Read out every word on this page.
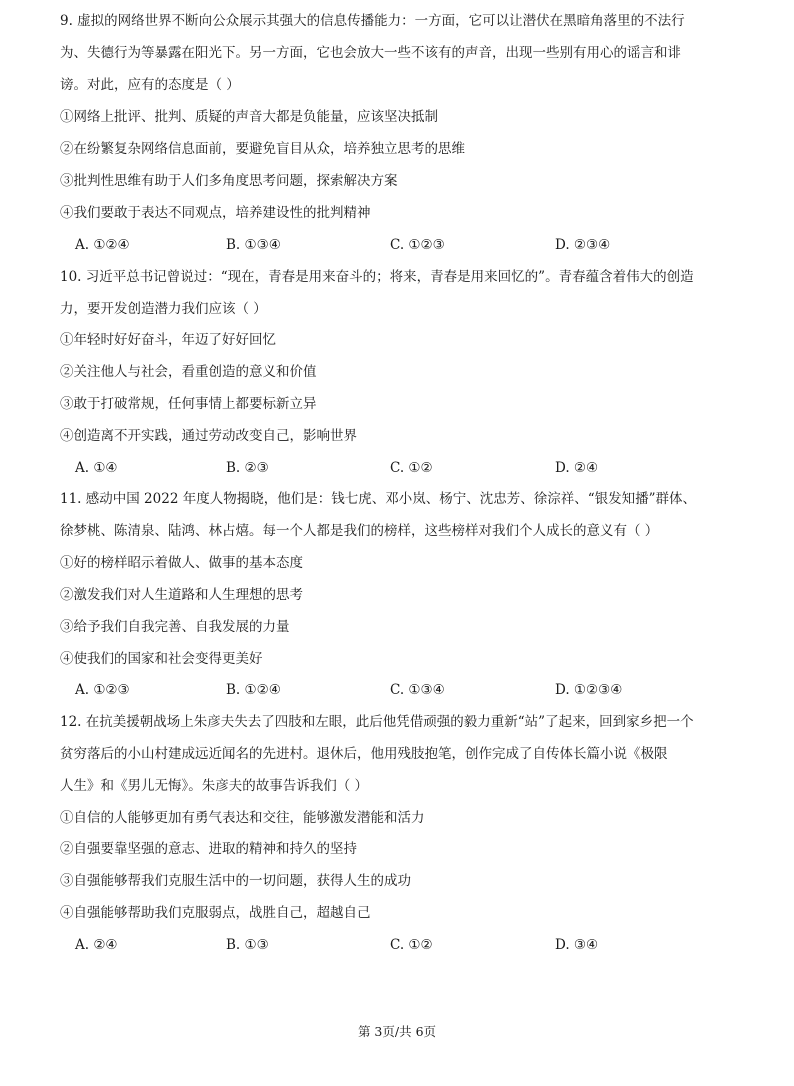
9. 虚拟的网络世界不断向公众展示其强大的信息传播能力：一方面，它可以让潜伏在黑暗角落里的不法行
为、失德行为等暴露在阳光下。另一方面，它也会放大一些不该有的声音，出现一些别有用心的谣言和诽
谤。对此，应有的态度是（ ）
①网络上批评、批判、质疑的声音大都是负能量，应该坚决抵制
②在纷繁复杂网络信息面前，要避免盲目从众，培养独立思考的思维
③批判性思维有助于人们多角度思考问题，探索解决方案
④我们要敢于表达不同观点，培养建设性的批判精神
A. ①②④	B. ①③④	C. ①②③	D. ②③④
10. 习近平总书记曾说过：“现在，青春是用来奋斗的；将来，青春是用来回忆的”。青春蕴含着伟大的创造
力，要开发创造潜力我们应该（ ）
①年轻时好好奋斗，年迈了好好回忆
②关注他人与社会，看重创造的意义和价值
③敢于打破常规，任何事情上都要标新立异
④创造离不开实践，通过劳动改变自己，影响世界
A. ①④	B. ②③	C. ①②	D. ②④
11. 感动中国 2022 年度人物揭晓，他们是：钱七虎、邓小岚、杨宁、沈忠芳、徐淙祥、“银发知播”群体、
徐梦桃、陈清泉、陆鸿、林占熺。每一个人都是我们的榜样，这些榜样对我们个人成长的意义有（ ）
①好的榜样昭示着做人、做事的基本态度
②激发我们对人生道路和人生理想的思考
③给予我们自我完善、自我发展的力量
④使我们的国家和社会变得更美好
A. ①②③	B. ①②④	C. ①③④	D. ①②③④
12. 在抗美援朝战场上朱彦夫失去了四肢和左眼，此后他凭借顽强的毅力重新“站”了起来，回到家乡把一个
贫穷落后的小山村建成远近闻名的先进村。退休后，他用残肢抱笔，创作完成了自传体长篇小说《极限
人生》和《男儿无悔》。朱彦夫的故事告诉我们（ ）
①自信的人能够更加有勇气表达和交往，能够激发潜能和活力
②自强要靠坚强的意志、进取的精神和持久的坚持
③自强能够帮我们克服生活中的一切问题，获得人生的成功
④自强能够帮助我们克服弱点，战胜自己，超越自己
A. ②④	B. ①③	C. ①②	D. ③④
第 3页/共 6页
